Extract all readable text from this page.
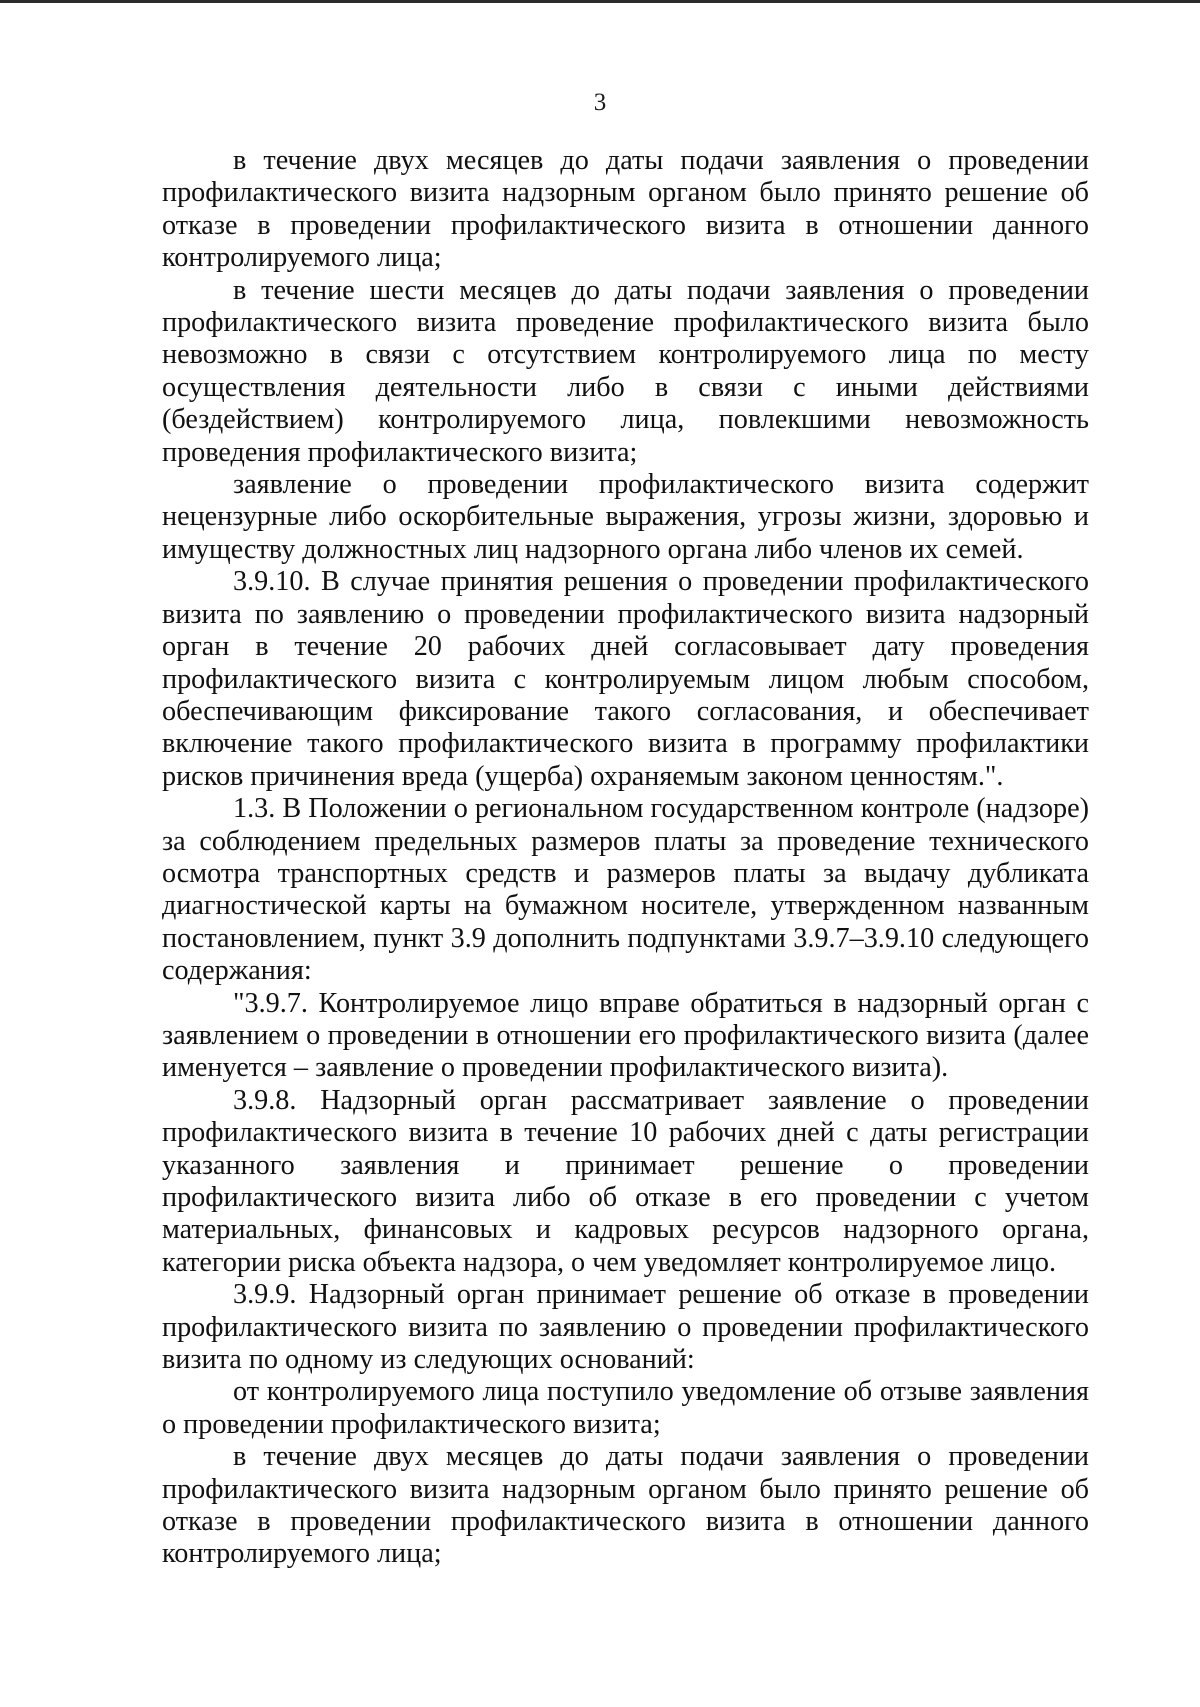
3

в течение двух месяцев до даты подачи заявления о проведении профилактического визита надзорным органом было принято решение об отказе в проведении профилактического визита в отношении данного контролируемого лица;

в течение шести месяцев до даты подачи заявления о проведении профилактического визита проведение профилактического визита было невозможно в связи с отсутствием контролируемого лица по месту осуществления деятельности либо в связи с иными действиями (бездействием) контролируемого лица, повлекшими невозможность проведения профилактического визита;

заявление о проведении профилактического визита содержит нецензурные либо оскорбительные выражения, угрозы жизни, здоровью и имуществу должностных лиц надзорного органа либо членов их семей.

3.9.10. В случае принятия решения о проведении профилактического визита по заявлению о проведении профилактического визита надзорный орган в течение 20 рабочих дней согласовывает дату проведения профилактического визита с контролируемым лицом любым способом, обеспечивающим фиксирование такого согласования, и обеспечивает включение такого профилактического визита в программу профилактики рисков причинения вреда (ущерба) охраняемым законом ценностям.".

1.3. В Положении о региональном государственном контроле (надзоре) за соблюдением предельных размеров платы за проведение технического осмотра транспортных средств и размеров платы за выдачу дубликата диагностической карты на бумажном носителе, утвержденном названным постановлением, пункт 3.9 дополнить подпунктами 3.9.7–3.9.10 следующего содержания:

"3.9.7. Контролируемое лицо вправе обратиться в надзорный орган с заявлением о проведении в отношении его профилактического визита (далее именуется – заявление о проведении профилактического визита).

3.9.8. Надзорный орган рассматривает заявление о проведении профилактического визита в течение 10 рабочих дней с даты регистрации указанного заявления и принимает решение о проведении профилактического визита либо об отказе в его проведении с учетом материальных, финансовых и кадровых ресурсов надзорного органа, категории риска объекта надзора, о чем уведомляет контролируемое лицо.

3.9.9. Надзорный орган принимает решение об отказе в проведении профилактического визита по заявлению о проведении профилактического визита по одному из следующих оснований:

от контролируемого лица поступило уведомление об отзыве заявления о проведении профилактического визита;

в течение двух месяцев до даты подачи заявления о проведении профилактического визита надзорным органом было принято решение об отказе в проведении профилактического визита в отношении данного контролируемого лица;
